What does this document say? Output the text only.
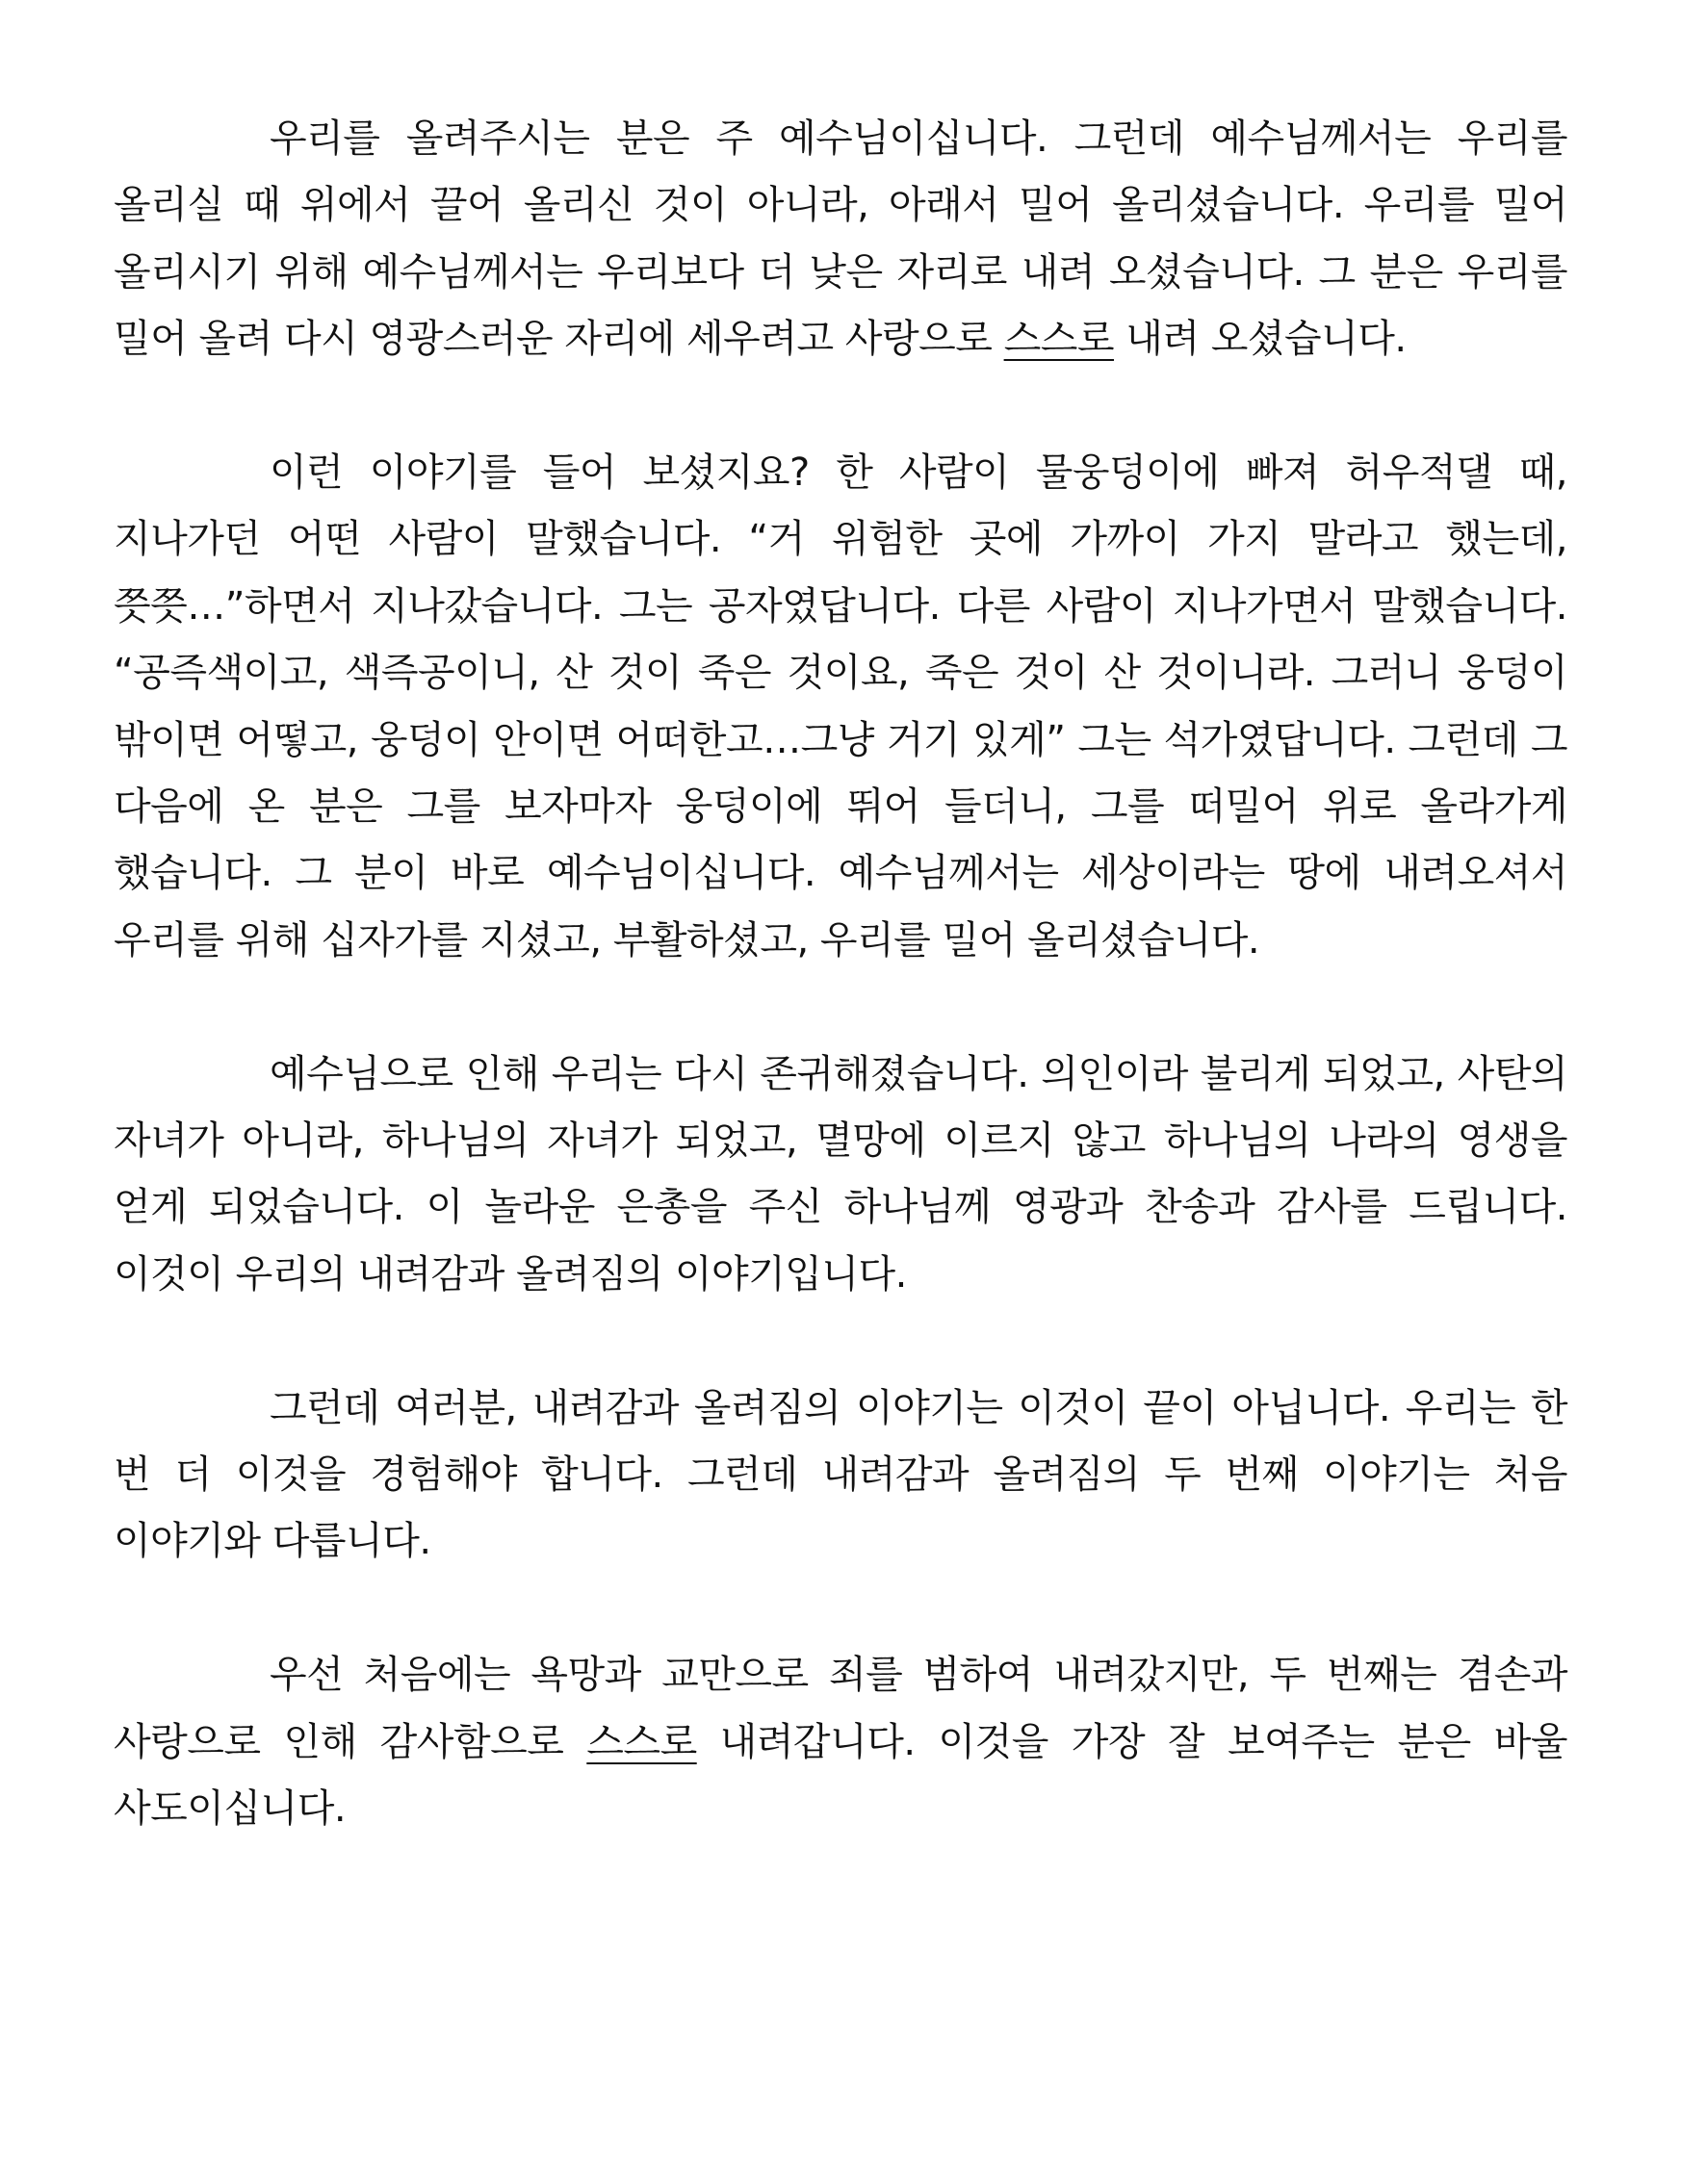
우리를 올려주시는 분은 주 예수님이십니다. 그런데 예수님께서는 우리를 올리실 때 위에서 끌어 올리신 것이 아니라, 아래서 밀어 올리셨습니다. 우리를 밀어 올리시기 위해 예수님께서는 우리보다 더 낮은 자리로 내려 오셨습니다. 그 분은 우리를 밀어 올려 다시 영광스러운 자리에 세우려고 사랑으로 스스로 내려 오셨습니다.

이런 이야기를 들어 보셨지요? 한 사람이 물웅덩이에 빠져 허우적댈 때, 지나가던 어떤 사람이 말했습니다. “거 위험한 곳에 가까이 가지 말라고 했는데, 쯧쯧…”하면서 지나갔습니다. 그는 공자였답니다. 다른 사람이 지나가면서 말했습니다. “공즉색이고, 색즉공이니, 산 것이 죽은 것이요, 죽은 것이 산 것이니라. 그러니 웅덩이 밖이면 어떻고, 웅덩이 안이면 어떠한고…그냥 거기 있게” 그는 석가였답니다. 그런데 그 다음에 온 분은 그를 보자마자 웅덩이에 뛰어 들더니, 그를 떠밀어 위로 올라가게 했습니다. 그 분이 바로 예수님이십니다. 예수님께서는 세상이라는 땅에 내려오셔서 우리를 위해 십자가를 지셨고, 부활하셨고, 우리를 밀어 올리셨습니다.

예수님으로 인해 우리는 다시 존귀해졌습니다. 의인이라 불리게 되었고, 사탄의 자녀가 아니라, 하나님의 자녀가 되었고, 멸망에 이르지 않고 하나님의 나라의 영생을 얻게 되었습니다. 이 놀라운 은총을 주신 하나님께 영광과 찬송과 감사를 드립니다. 이것이 우리의 내려감과 올려짐의 이야기입니다.

그런데 여러분, 내려감과 올려짐의 이야기는 이것이 끝이 아닙니다. 우리는 한 번 더 이것을 경험해야 합니다. 그런데 내려감과 올려짐의 두 번째 이야기는 처음 이야기와 다릅니다.

우선 처음에는 욕망과 교만으로 죄를 범하여 내려갔지만, 두 번째는 겸손과 사랑으로 인해 감사함으로 스스로 내려갑니다. 이것을 가장 잘 보여주는 분은 바울 사도이십니다.
